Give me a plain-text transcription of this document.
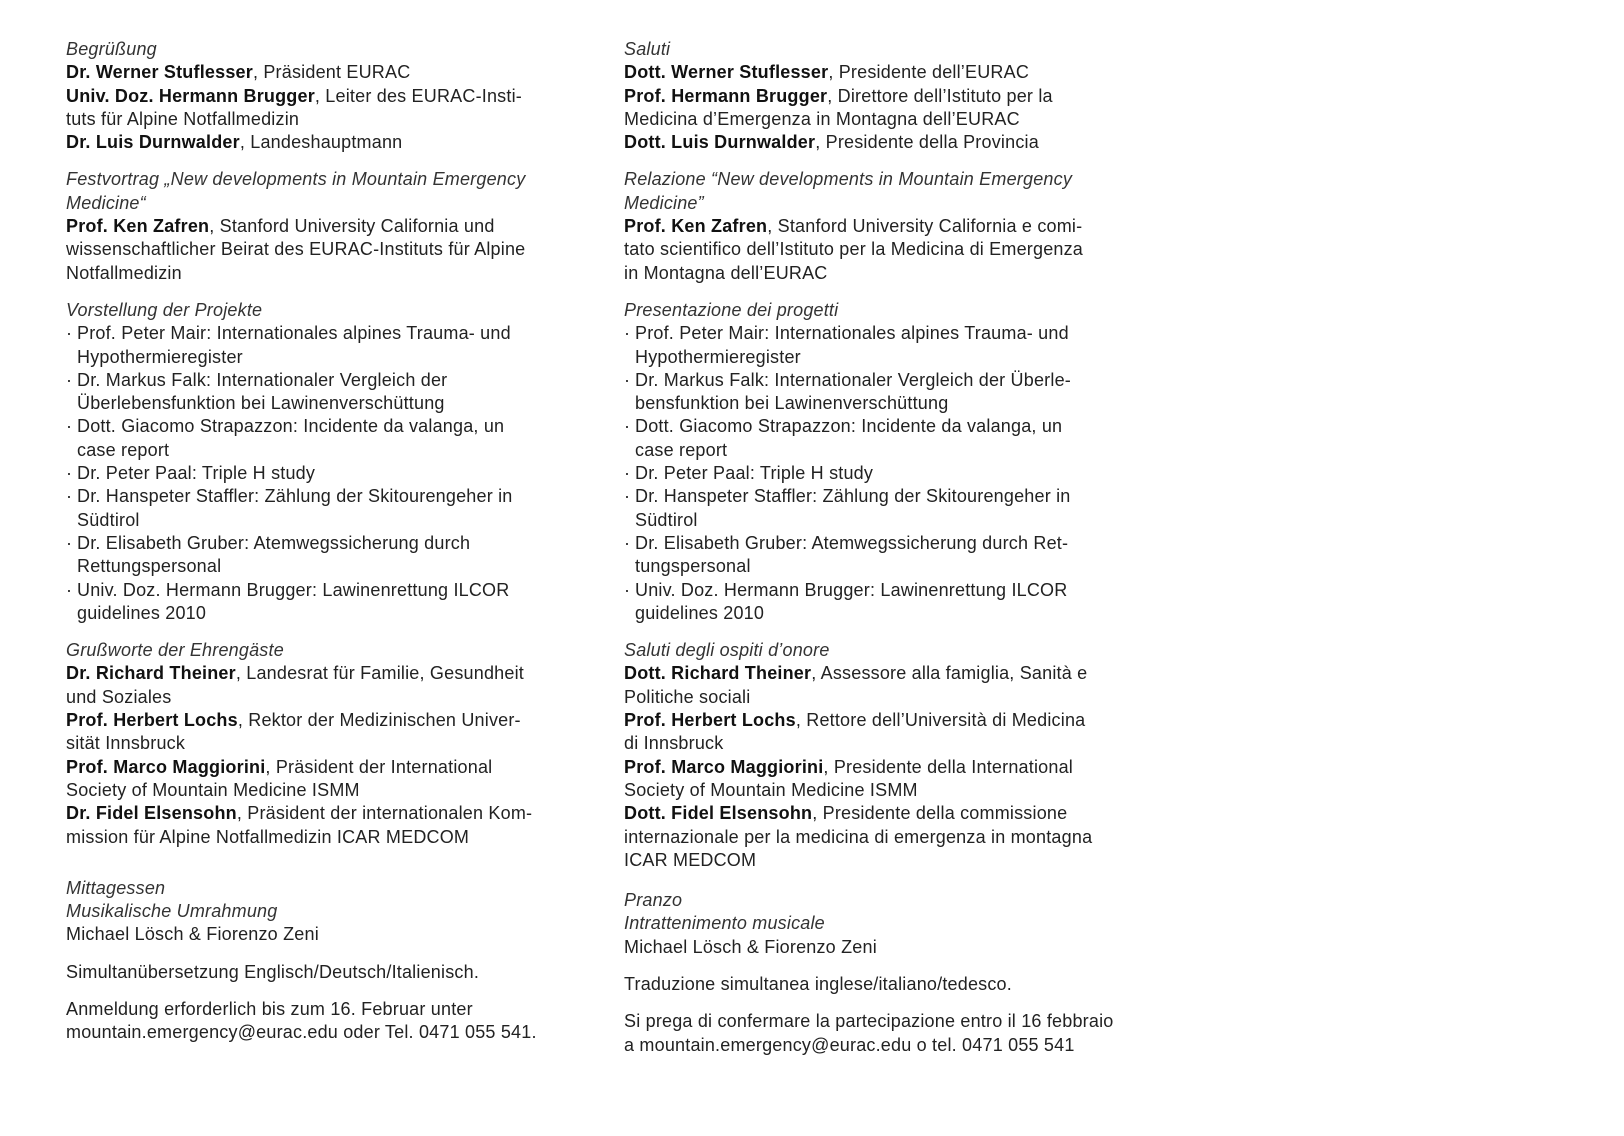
Begrüßung
Dr. Werner Stuflesser, Präsident EURAC
Univ. Doz. Hermann Brugger, Leiter des EURAC-Insti-
tuts für Alpine Notfallmedizin
Dr. Luis Durnwalder, Landeshauptmann
Festvortrag „New developments in Mountain Emergency
Medicine“
Prof. Ken Zafren, Stanford University California und
wissenschaftlicher Beirat des EURAC-Instituts für Alpine
Notfallmedizin
Vorstellung der Projekte
· Prof. Peter Mair: Internationales alpines Trauma- und
Hypothermieregister
· Dr. Markus Falk: Internationaler Vergleich der
Überlebensfunktion bei Lawinenverschüttung
· Dott. Giacomo Strapazzon: Incidente da valanga, un
case report
· Dr. Peter Paal: Triple H study
· Dr. Hanspeter Staffler: Zählung der Skitourengeher in
Südtirol
· Dr. Elisabeth Gruber: Atemwegssicherung durch
Rettungspersonal
· Univ. Doz. Hermann Brugger: Lawinenrettung ILCOR
guidelines 2010
Grußworte der Ehrengäste
Dr. Richard Theiner, Landesrat für Familie, Gesundheit
und Soziales
Prof. Herbert Lochs, Rektor der Medizinischen Univer-
sität Innsbruck
Prof. Marco Maggiorini, Präsident der International
Society of Mountain Medicine ISMM
Dr. Fidel Elsensohn, Präsident der internationalen Kom-
mission für Alpine Notfallmedizin ICAR MEDCOM
Mittagessen
Musikalische Umrahmung
Michael Lösch & Fiorenzo Zeni
Simultanübersetzung Englisch/Deutsch/Italienisch.
Anmeldung erforderlich bis zum 16. Februar unter
mountain.emergency@eurac.edu oder Tel. 0471 055 541.
Saluti
Dott. Werner Stuflesser, Presidente dell’EURAC
Prof. Hermann Brugger, Direttore dell’Istituto per la
Medicina d’Emergenza in Montagna dell’EURAC
Dott. Luis Durnwalder, Presidente della Provincia
Relazione “New developments in Mountain Emergency
Medicine”
Prof. Ken Zafren, Stanford University California e comi-
tato scientifico dell’Istituto per la Medicina di Emergenza
in Montagna dell’EURAC
Presentazione dei progetti
· Prof. Peter Mair: Internationales alpines Trauma- und
Hypothermieregister
· Dr. Markus Falk: Internationaler Vergleich der Überle-
bensfunktion bei Lawinenverschüttung
· Dott. Giacomo Strapazzon: Incidente da valanga, un
case report
· Dr. Peter Paal: Triple H study
· Dr. Hanspeter Staffler: Zählung der Skitourengeher in
Südtirol
· Dr. Elisabeth Gruber: Atemwegssicherung durch Ret-
tungspersonal
· Univ. Doz. Hermann Brugger: Lawinenrettung ILCOR
guidelines 2010
Saluti degli ospiti d’onore
Dott. Richard Theiner, Assessore alla famiglia, Sanità e
Politiche sociali
Prof. Herbert Lochs, Rettore dell’Università di Medicina
di Innsbruck
Prof. Marco Maggiorini, Presidente della International
Society of Mountain Medicine ISMM
Dott. Fidel Elsensohn, Presidente della commissione
internazionale per la medicina di emergenza in montagna
ICAR MEDCOM
Pranzo
Intrattenimento musicale
Michael Lösch & Fiorenzo Zeni
Traduzione simultanea inglese/italiano/tedesco.
Si prega di confermare la partecipazione entro il 16 febbraio
a mountain.emergency@eurac.edu o tel. 0471 055 541
